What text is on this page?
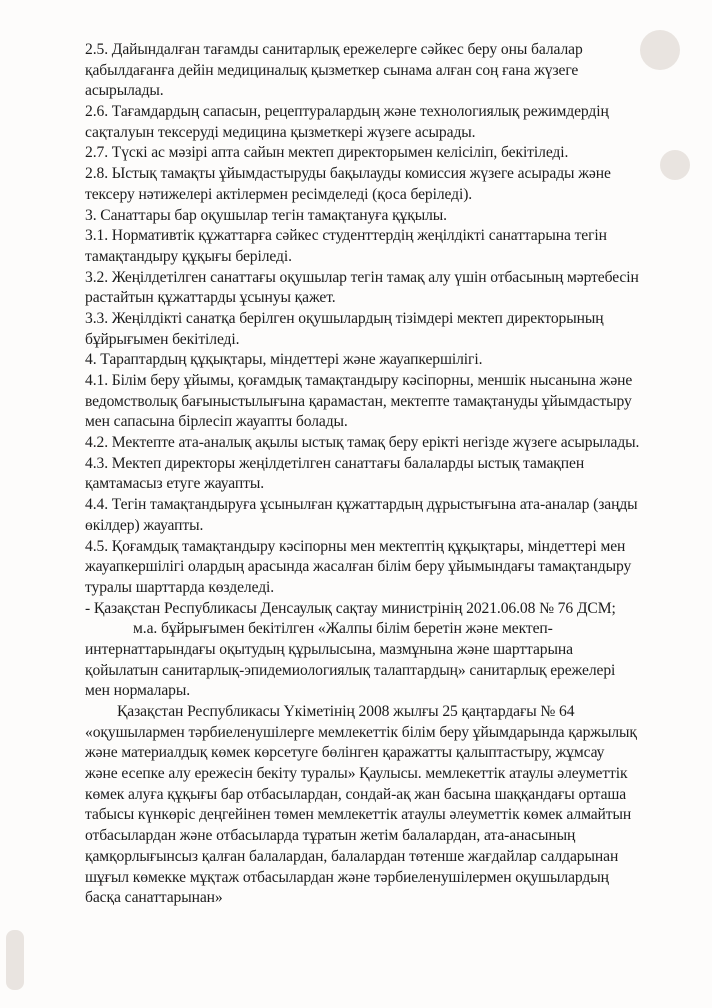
2.5. Дайындалған тағамды санитарлық ережелерге сәйкес беру оны балалар
қабылдағанға дейін медициналық қызметкер сынама алған соң ғана жүзеге
асырылады.
2.6. Тағамдардың сапасын, рецептуралардың және технологиялық режимдердің
сақталуын тексеруді медицина қызметкері жүзеге асырады.
2.7. Түскі ас мәзірі апта сайын мектеп директорымен келісіліп, бекітіледі.
2.8. Ыстық тамақты ұйымдастыруды бақылауды комиссия жүзеге асырады және
тексеру нәтижелері актілермен ресімделеді (қоса беріледі).
3. Санаттары бар оқушылар тегін тамақтануға құқылы.
3.1. Нормативтік құжаттарға сәйкес студенттердің жеңілдікті санаттарына тегін
тамақтандыру құқығы беріледі.
3.2. Жеңілдетілген санаттағы оқушылар тегін тамақ алу үшін отбасының мәртебесін
растайтын құжаттарды ұсынуы қажет.
3.3. Жеңілдікті санатқа берілген оқушылардың тізімдері мектеп директорының
бұйрығымен бекітіледі.
4. Тараптардың құқықтары, міндеттері және жауапкершілігі.
4.1. Білім беру ұйымы, қоғамдық тамақтандыру кәсіпорны, меншік нысанына және
ведомстволық бағыныстылығына қарамастан, мектепте тамақтануды ұйымдастыру
мен сапасына бірлесіп жауапты болады.
4.2. Мектепте ата-аналық ақылы ыстық тамақ беру ерікті негізде жүзеге асырылады.
4.3. Мектеп директоры жеңілдетілген санаттағы балаларды ыстық тамақпен
қамтамасыз етуге жауапты.
4.4. Тегін тамақтандыруға ұсынылған құжаттардың дұрыстығына ата-аналар (заңды
өкілдер) жауапты.
4.5. Қоғамдық тамақтандыру кәсіпорны мен мектептің құқықтары, міндеттері мен
жауапкершілігі олардың арасында жасалған білім беру ұйымындағы тамақтандыру
туралы шарттарда көзделеді.
- Қазақстан Республикасы Денсаулық сақтау министрінің 2021.06.08 № 76 ДСМ;
м.а. бұйрығымен бекітілген «Жалпы білім беретін және мектеп-
интернаттарындағы оқытудың құрылысына, мазмұнына және шарттарына
қойылатын санитарлық-эпидемиологиялық талаптардың» санитарлық ережелері
мен нормалары.
Қазақстан Республикасы Үкіметінің 2008 жылғы 25 қаңтардағы № 64
«оқушылармен тәрбиеленушілерге мемлекеттік білім беру ұйымдарында қаржылық
және материалдық көмек көрсетуге бөлінген қаражатты қалыптастыру, жұмсау
және есепке алу ережесін бекіту туралы» Қаулысы. мемлекеттік атаулы әлеуметтік
көмек алуға құқығы бар отбасылардан, сондай-ақ жан басына шаққандағы орташа
табысы күнкөріс деңгейінен төмен мемлекеттік атаулы әлеуметтік көмек алмайтын
отбасылардан және отбасыларда тұратын жетім балалардан, ата-анасының
қамқорлығынсыз қалған балалардан, балалардан төтенше жағдайлар салдарынан
шұғыл көмекке мұқтаж отбасылардан және тәрбиеленушілермен оқушылардың
басқа санаттарынан»
